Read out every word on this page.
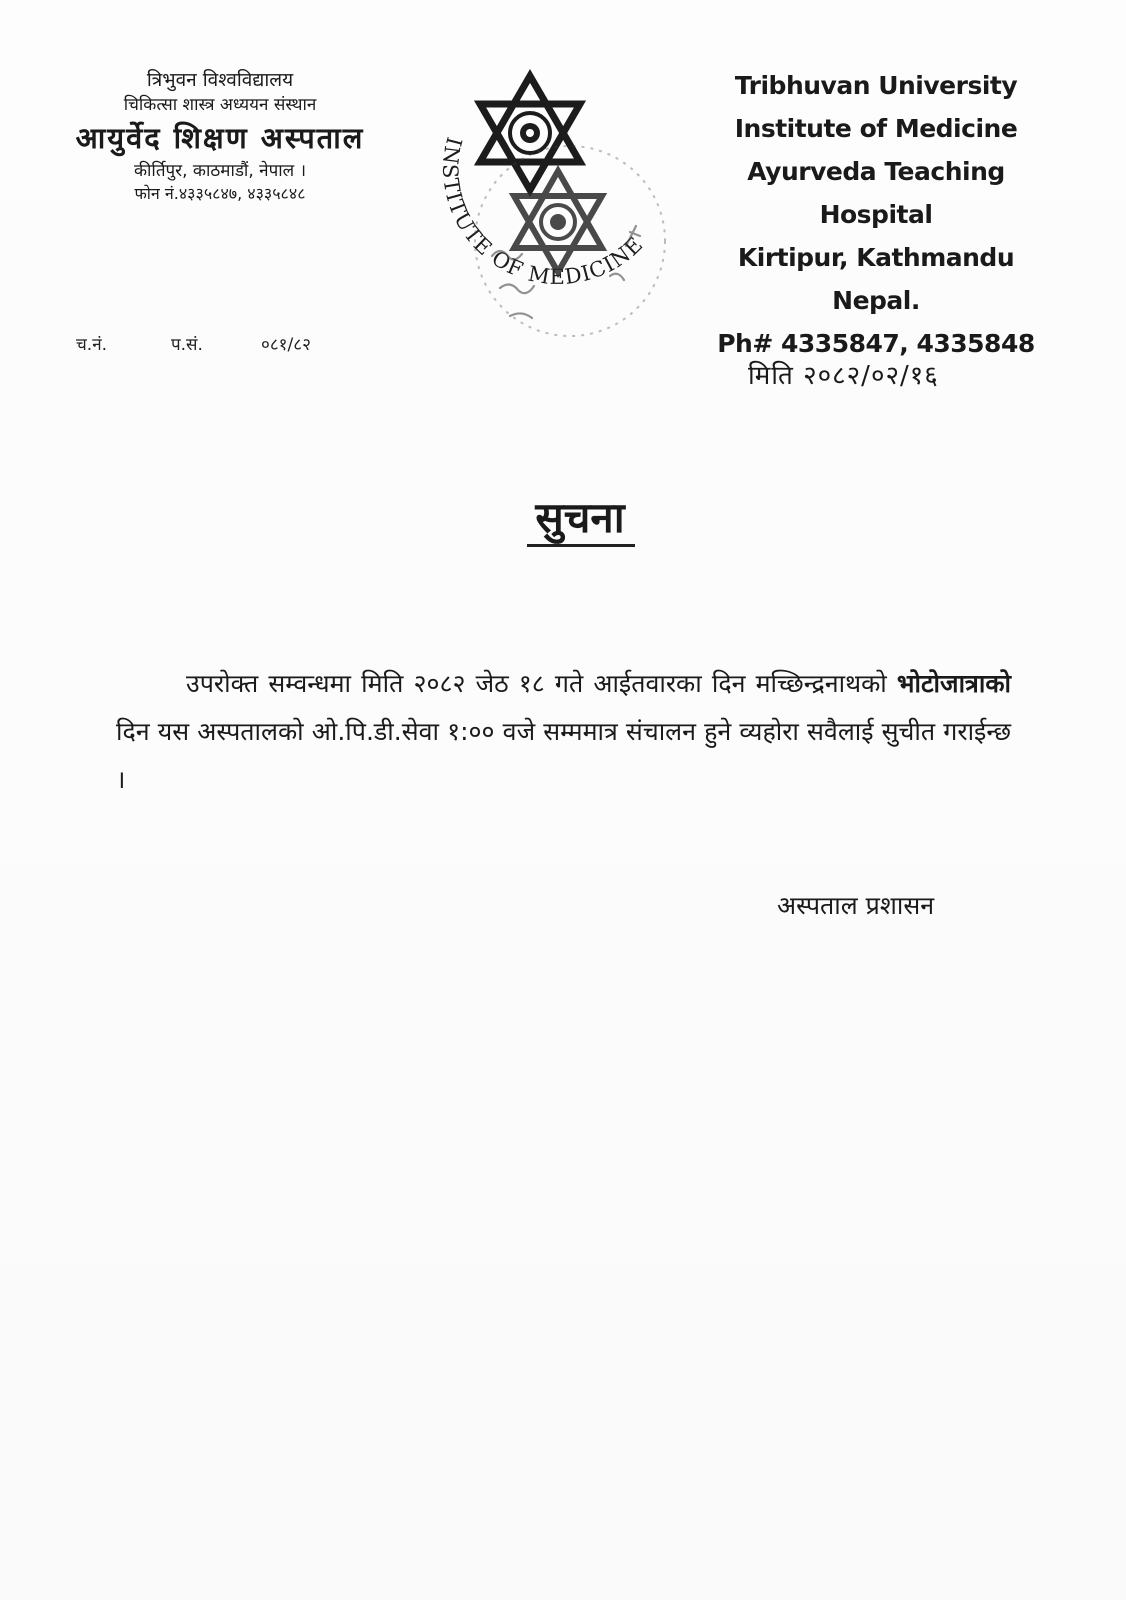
त्रिभुवन विश्वविद्यालय
चिकित्सा शास्त्र अध्ययन संस्थान
आयुर्वेद शिक्षण अस्पताल
कीर्तिपुर, काठमाडौं, नेपाल ।
फोन नं.४३३५८४७, ४३३५८४८
INSTITUTE OF MEDICINE
Tribhuvan University
Institute of Medicine
Ayurveda Teaching Hospital
Kirtipur, Kathmandu Nepal.
Ph# 4335847, 4335848
च.नं.	प.सं.	०८१/८२
मिति २०८२/०२/१६
सुचना
उपरोक्त सम्वन्धमा मिति २०८२ जेठ १८ गते आईतवारका दिन मच्छिन्द्रनाथको भोटोजात्राको दिन यस अस्पतालको ओ.पि.डी.सेवा १:०० वजे सम्ममात्र संचालन हुने व्यहोरा सवैलाई सुचीत गराईन्छ ।
अस्पताल प्रशासन
